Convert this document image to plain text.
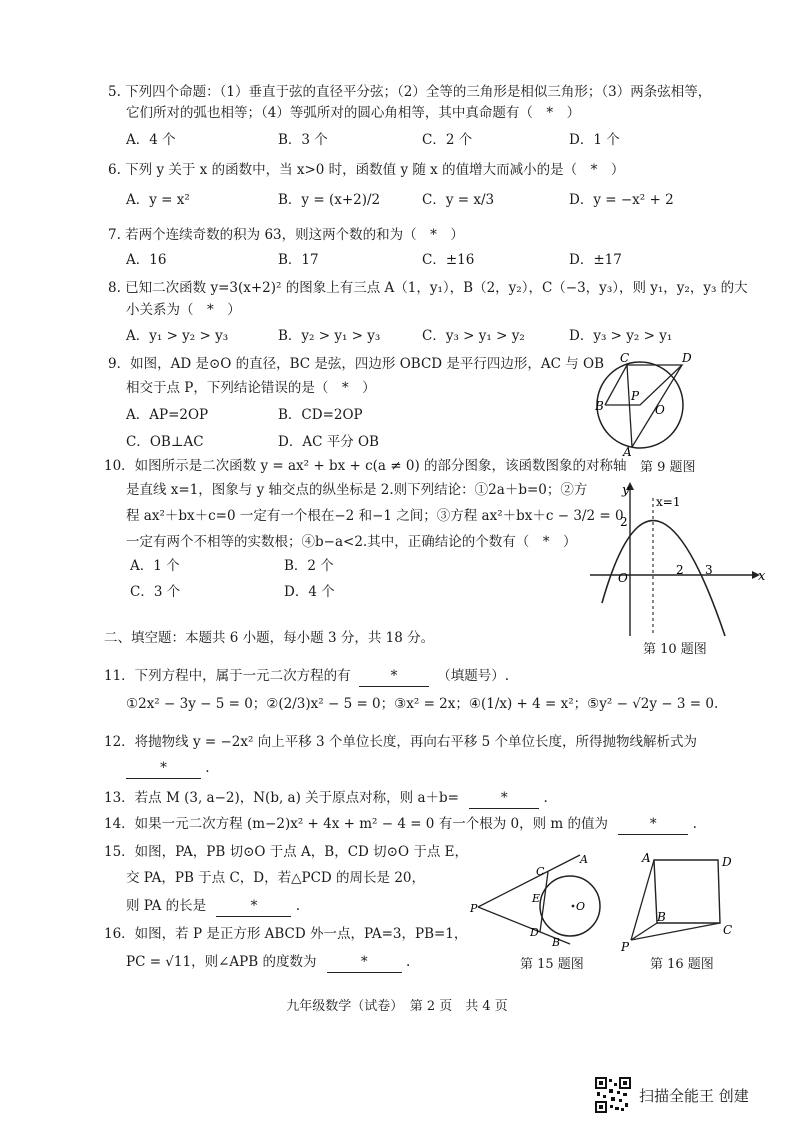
5. 下列四个命题：（1）垂直于弦的直径平分弦；（2）全等的三角形是相似三角形；（3）两条弦相等，
它们所对的弧也相等；（4）等弧所对的圆心角相等，其中真命题有（　*　）
A．4 个	B．3 个	C．2 个	D．1 个
6. 下列 y 关于 x 的函数中，当 x>0 时，函数值 y 随 x 的值增大而减小的是（　*　）
A．y = x²	B．y = (x+2)/2	C．y = x/3	D．y = −x² + 2
7. 若两个连续奇数的积为 63，则这两个数的和为（　*　）
A．16	B．17	C．±16	D．±17
8. 已知二次函数 y=3(x+2)² 的图象上有三点 A（1，y₁），B（2，y₂），C（−3，y₃），则 y₁，y₂，y₃ 的大
小关系为（　*　）
A．y₁ > y₂ > y₃	B．y₂ > y₁ > y₃	C．y₃ > y₁ > y₂	D．y₃ > y₂ > y₁
9．如图，AD 是⊙O 的直径，BC 是弦，四边形 OBCD 是平行四边形，AC 与 OB
相交于点 P，下列结论错误的是（　*　）
A．AP=2OP	B．CD=2OP
C．OB⊥AC	D．AC 平分 OB
C	D
B
P
O
A
第 9 题图
10．如图所示是二次函数 y = ax² + bx + c(a ≠ 0) 的部分图象，该函数图象的对称轴
是直线 x=1，图象与 y 轴交点的纵坐标是 2.则下列结论：①2a＋b=0；②方
程 ax²＋bx＋c=0 一定有一个根在−2 和−1 之间；③方程 ax²＋bx＋c − 3/2 = 0
一定有两个不相等的实数根；④b−a<2.其中，正确结论的个数有（　*　）
A．1 个	B．2 个
C．3 个	D．4 个
y
x
x=1
2
O
2 3
第 10 题图
二、填空题：本题共 6 小题，每小题 3 分，共 18 分。
11．下列方程中，属于一元二次方程的有	*	（填题号）.
①2x² − 3y − 5 = 0；②(2/3)x² − 5 = 0；③x² = 2x；④(1/x) + 4 = x²；⑤y² − √2y − 3 = 0.
12．将抛物线 y = −2x² 向上平移 3 个单位长度，再向右平移 5 个单位长度，所得抛物线解析式为
*	.
13．若点 M (3, a−2)，N(b, a) 关于原点对称，则 a＋b=	*	.
14．如果一元二次方程 (m−2)x² + 4x + m² − 4 = 0 有一个根为 0，则 m 的值为	*	.
15．如图，PA，PB 切⊙O 于点 A，B，CD 切⊙O 于点 E，
交 PA，PB 于点 C，D，若△PCD 的周长是 20，
则 PA 的长是	*	.
A
C
E
O
P
D
B
第 15 题图
16．如图，若 P 是正方形 ABCD 外一点，PA=3，PB=1，
PC = √11，则∠APB 的度数为	*	.
A	D
B
C
P
第 16 题图
九年级数学（试卷）　第 2 页　共 4 页
扫描全能王 创建
